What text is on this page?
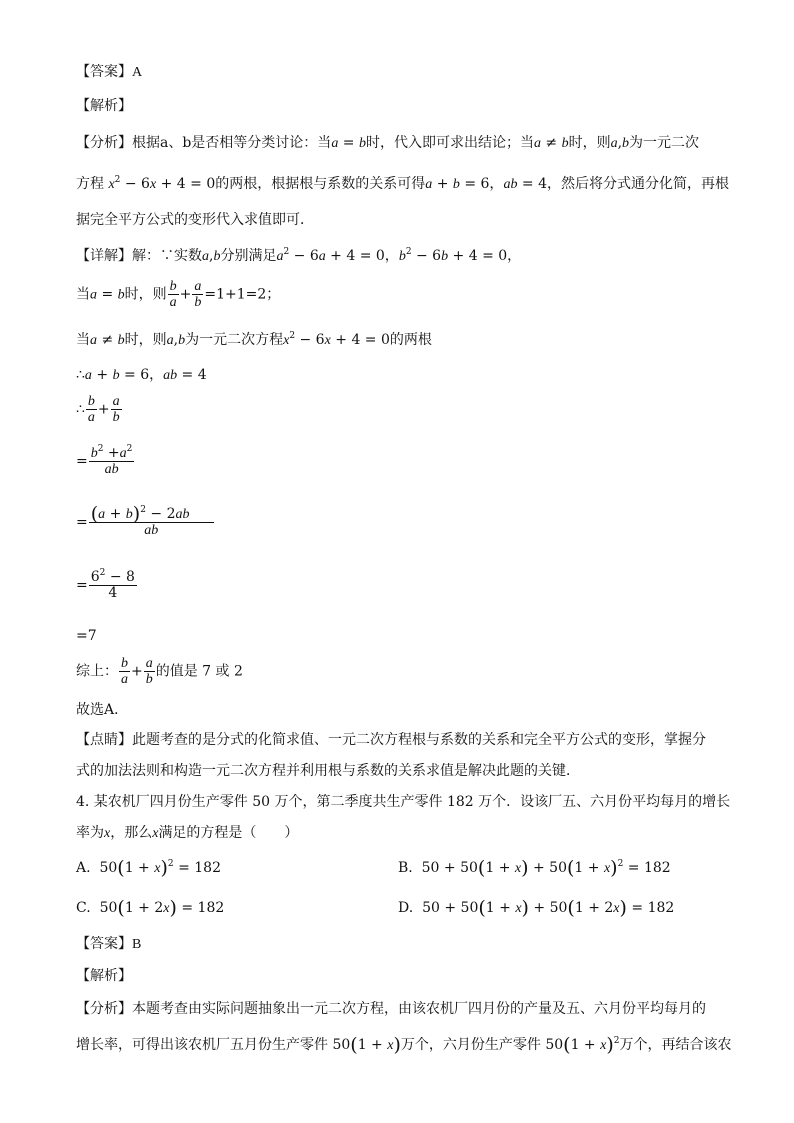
【答案】A
【解析】
【分析】根据a、b是否相等分类讨论：当a = b时，代入即可求出结论；当a ≠ b时，则a,b为一元二次
方程 $x^2 - 6x + 4 = 0$的两根，根据根与系数的关系可得a + b = 6，ab = 4，然后将分式通分化简，再根
据完全平方公式的变形代入求值即可．
【详解】解：∵实数a,b分别满足$a^2 - 6a + 4 = 0$，$b^2 - 6b + 4 = 0$，
当a = b时，则 $\frac{b}{a} + \frac{a}{b} =1+1=2$；
当a ≠ b时，则a,b为一元二次方程$x^2 - 6x + 4 = 0$的两根
∴a + b = 6，ab = 4
∴ $\frac{b}{a} + \frac{a}{b}$
= $\frac{b^2 +a^2}{ab}$
= $\frac{(a + b)^2 - 2ab}{ab}$
= $\frac{6^2 - 8}{4}$
=7
综上： $\frac{b}{a} + \frac{a}{b}$ 的值是 7 或 2
故选A．
【点睛】此题考查的是分式的化简求值、一元二次方程根与系数的关系和完全平方公式的变形，掌握分
式的加法法则和构造一元二次方程并利用根与系数的关系求值是解决此题的关键．
4. 某农机厂四月份生产零件 50 万个，第二季度共生产零件 182 万个．设该厂五、六月份平均每月的增长
率为x，那么x满足的方程是（　　）
A.  $50(1 + x)^2 = 182$	B.  $50 + 50(1 + x) + 50(1 + x)^2 = 182$
C.  50(1 + 2x) = 182	D.  50 + 50(1 + x) + 50(1 + 2x) = 182
【答案】B
【解析】
【分析】本题考查由实际问题抽象出一元二次方程，由该农机厂四月份的产量及五、六月份平均每月的
增长率，可得出该农机厂五月份生产零件 50(1 + x)万个，六月份生产零件 $50(1 + x)^2$万个，再结合该农
